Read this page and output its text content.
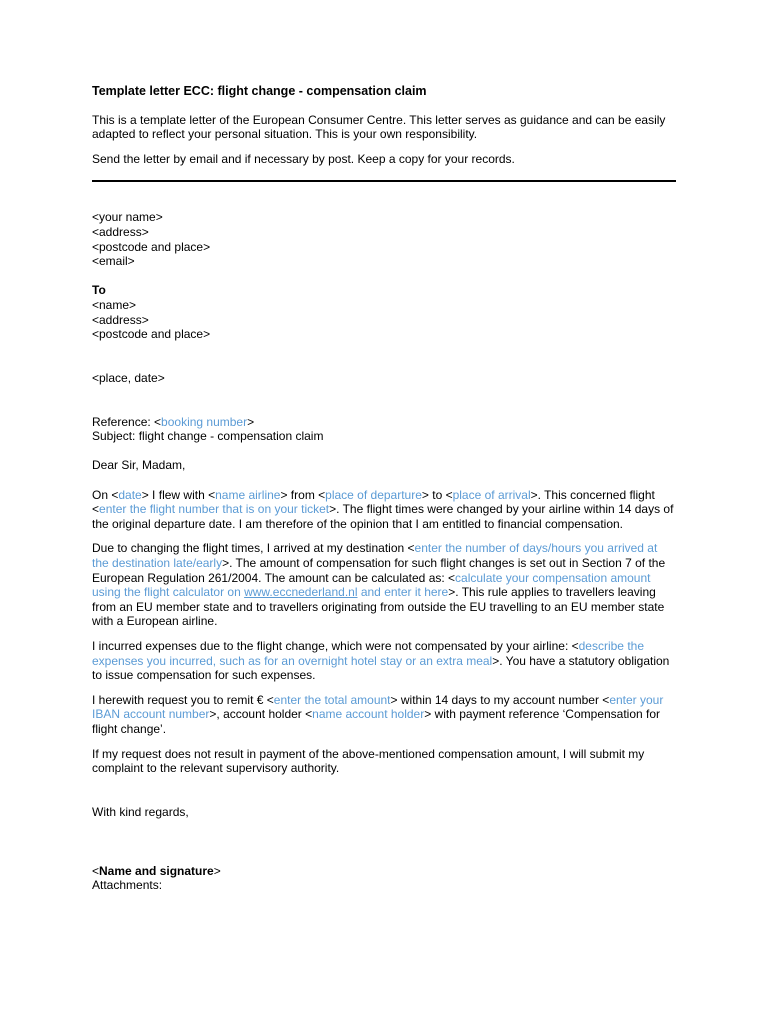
Template letter ECC: flight change - compensation claim

This is a template letter of the European Consumer Centre. This letter serves as guidance and can be easily adapted to reflect your personal situation. This is your own responsibility.

Send the letter by email and if necessary by post. Keep a copy for your records.

<your name>

<address>

<postcode and place>

<email>

To

<name>

<address>

<postcode and place>

<place, date>

Reference: <booking number>

Subject: flight change - compensation claim

Dear Sir, Madam,

On <date> I flew with <name airline> from <place of departure> to <place of arrival>. This concerned flight <enter the flight number that is on your ticket>. The flight times were changed by your airline within 14 days of the original departure date. I am therefore of the opinion that I am entitled to financial compensation.

Due to changing the flight times, I arrived at my destination <enter the number of days/hours you arrived at the destination late/early>. The amount of compensation for such flight changes is set out in Section 7 of the European Regulation 261/2004. The amount can be calculated as: <calculate your compensation amount using the flight calculator on www.eccnederland.nl and enter it here>. This rule applies to travellers leaving from an EU member state and to travellers originating from outside the EU travelling to an EU member state with a European airline.

I incurred expenses due to the flight change, which were not compensated by your airline: <describe the expenses you incurred, such as for an overnight hotel stay or an extra meal>. You have a statutory obligation to issue compensation for such expenses.

I herewith request you to remit € <enter the total amount> within 14 days to my account number <enter your IBAN account number>, account holder <name account holder> with payment reference ‘Compensation for flight change’.

If my request does not result in payment of the above-mentioned compensation amount, I will submit my complaint to the relevant supervisory authority.

With kind regards,

<Name and signature>

Attachments:
